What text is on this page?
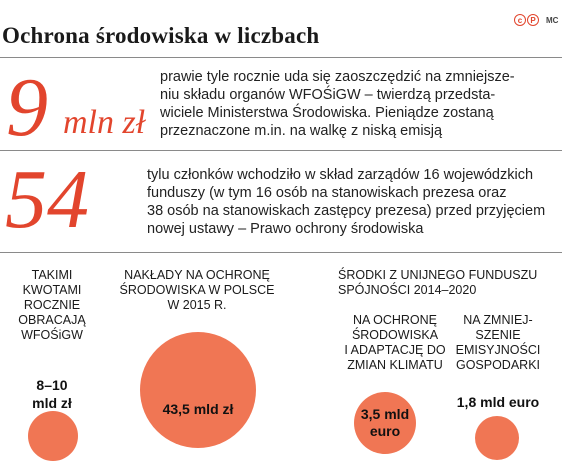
Ochrona środowiska w liczbach
c	P	MC
9 mln zł
prawie tyle rocznie uda się zaoszczędzić na zmniejsze-
niu składu organów WFOŚiGW – twierdzą przedsta-
wiciele Ministerstwa Środowiska. Pieniądze zostaną
przeznaczone m.in. na walkę z niską emisją
54	tylu członków wchodziło w skład zarządów 16 wojewódzkich
funduszy (w tym 16 osób na stanowiskach prezesa oraz
38 osób na stanowiskach zastępcy prezesa) przed przyjęciem
nowej ustawy – Prawo ochrony środowiska
TAKIMI
KWOTAMI
ROCZNIE
OBRACAJĄ
WFOŚiGW
8–10
mld zł
NAKŁADY NA OCHRONĘ
ŚRODOWISKA W POLSCE
W 2015 R.
43,5 mld zł
ŚRODKI Z UNIJNEGO FUNDUSZU
SPÓJNOŚCI 2014–2020
NA OCHRONĘ
ŚRODOWISKA
I ADAPTACJĘ DO
ZMIAN KLIMATU
3,5 mld
euro
NA ZMNIEJ-
SZENIE
EMISYJNOŚCI
GOSPODARKI
1,8 mld euro
